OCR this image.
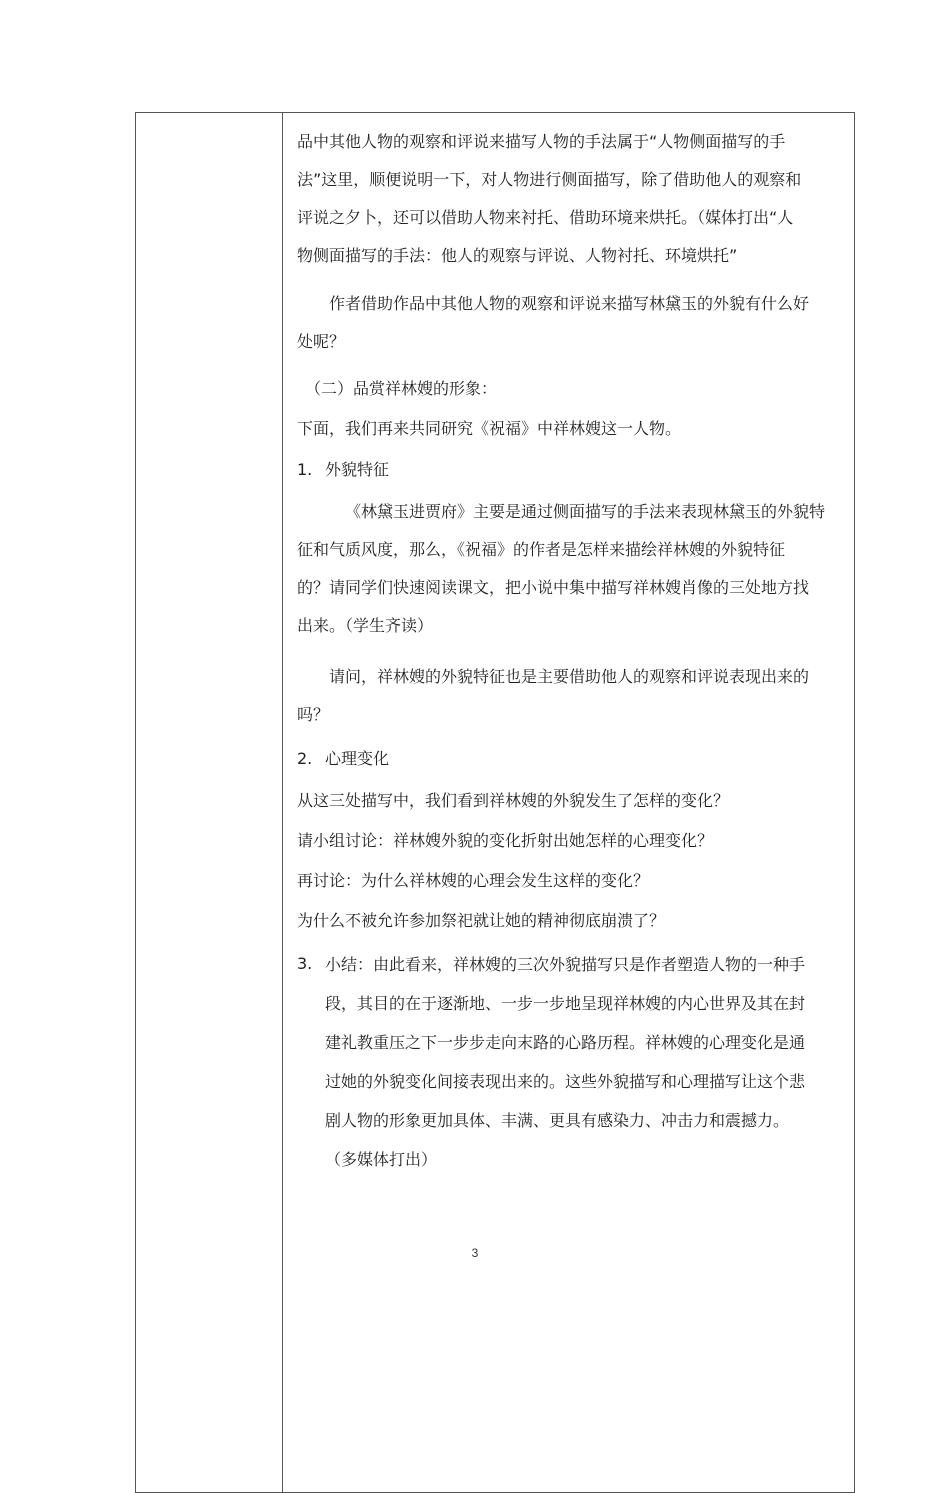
品中其他人物的观察和评说来描写人物的手法属于“人物侧面描写的手
法”这里，顺便说明一下，对人物进行侧面描写，除了借助他人的观察和
评说之夕卜，还可以借助人物来衬托、借助环境来烘托。（媒体打出“人
物侧面描写的手法：他人的观察与评说、人物衬托、环境烘托”
作者借助作品中其他人物的观察和评说来描写林黛玉的外貌有什么好
处呢？
（二）品赏祥林嫂的形象：
下面，我们再来共同研究《祝福》中祥林嫂这一人物。
1. 外貌特征
《林黛玉进贾府》主要是通过侧面描写的手法来表现林黛玉的外貌特
征和气质风度，那么，《祝福》的作者是怎样来描绘祥林嫂的外貌特征
的？请同学们快速阅读课文，把小说中集中描写祥林嫂肖像的三处地方找
出来。（学生齐读）
请问，祥林嫂的外貌特征也是主要借助他人的观察和评说表现出来的
吗？
2. 心理变化
从这三处描写中，我们看到祥林嫂的外貌发生了怎样的变化？
请小组讨论：祥林嫂外貌的变化折射出她怎样的心理变化？
再讨论：为什么祥林嫂的心理会发生这样的变化？
为什么不被允许参加祭祀就让她的精神彻底崩溃了？
3. 小结：由此看来，祥林嫂的三次外貌描写只是作者塑造人物的一种手
段，其目的在于逐渐地、一步一步地呈现祥林嫂的内心世界及其在封
建礼教重压之下一步步走向末路的心路历程。祥林嫂的心理变化是通
过她的外貌变化间接表现出来的。这些外貌描写和心理描写让这个悲
剧人物的形象更加具体、丰满、更具有感染力、冲击力和震撼力。
（多媒体打出）
3
